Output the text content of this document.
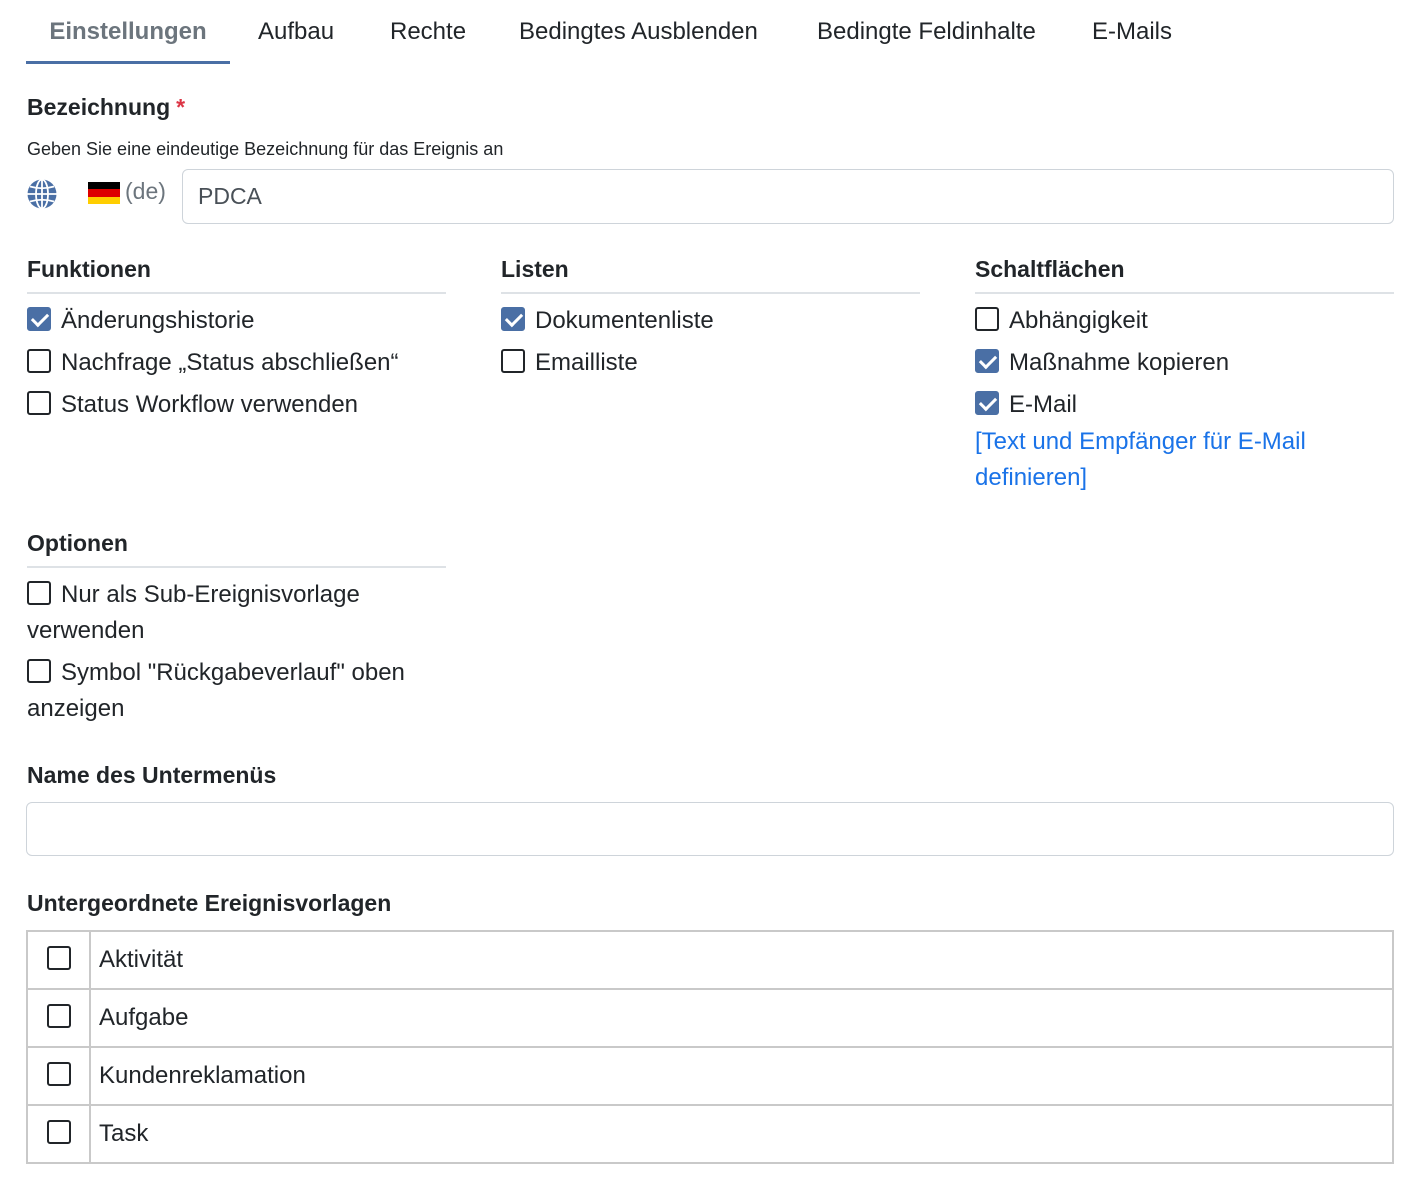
Einstellungen	Aufbau Rechte Bedingtes Ausblenden Bedingte Feldinhalte E-Mails
Bezeichnung *
Geben Sie eine eindeutige Bezeichnung für das Ereignis an
(de)
PDCA
Funktionen
Änderungshistorie
Nachfrage „Status abschließen“
Status Workflow verwenden
Listen
Dokumentenliste
Emailliste
Schaltflächen
Abhängigkeit
Maßnahme kopieren
E-Mail
[Text und Empfänger für E-Mail definieren]
Optionen
Nur als Sub-Ereignisvorlage verwenden
Symbol "Rückgabeverlauf" oben anzeigen
Name des Untermenüs
Untergeordnete Ereignisvorlagen
	Aktivität
	Aufgabe
	Kundenreklamation
	Task
